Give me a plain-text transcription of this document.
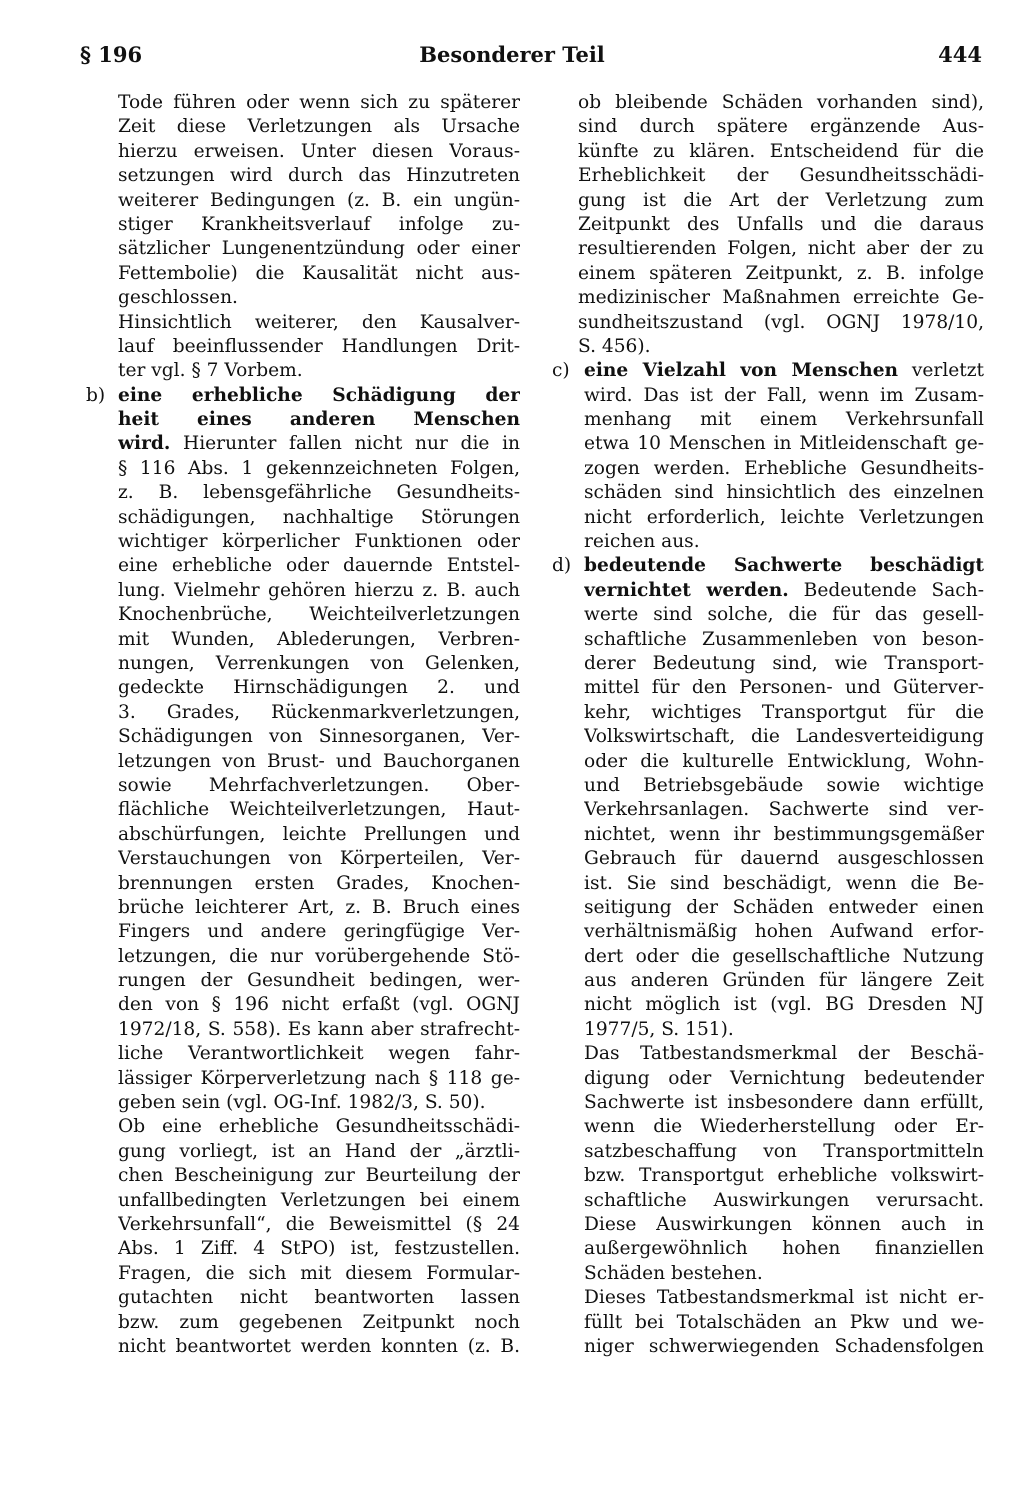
Besonderer Teil
§ 196	444
Tode führen oder wenn sich zu späterer
Zeit diese Verletzungen als Ursache
hierzu erweisen. Unter diesen Voraus-
setzungen wird durch das Hinzutreten
weiterer Bedingungen (z. B. ein ungün-
stiger Krankheitsverlauf infolge zu-
sätzlicher Lungenentzündung oder einer
Fettembolie) die Kausalität nicht aus-
geschlossen.
Hinsichtlich weiterer, den Kausalver-
lauf beeinflussender Handlungen Drit-
ter vgl. § 7 Vorbem.
b) eine erhebliche Schädigung der
heit eines anderen Menschen
wird. Hierunter fallen nicht nur die in
§ 116 Abs. 1 gekennzeichneten Folgen,
z. B. lebensgefährliche Gesundheits-
schädigungen, nachhaltige Störungen
wichtiger körperlicher Funktionen oder
eine erhebliche oder dauernde Entstel-
lung. Vielmehr gehören hierzu z. B. auch
Knochenbrüche, Weichteilverletzungen
mit Wunden, Ablederungen, Verbren-
nungen, Verrenkungen von Gelenken,
gedeckte Hirnschädigungen 2. und
3. Grades, Rückenmarkverletzungen,
Schädigungen von Sinnesorganen, Ver-
letzungen von Brust- und Bauchorganen
sowie Mehrfachverletzungen. Ober-
flächliche Weichteilverletzungen, Haut-
abschürfungen, leichte Prellungen und
Verstauchungen von Körperteilen, Ver-
brennungen ersten Grades, Knochen-
brüche leichterer Art, z. B. Bruch eines
Fingers und andere geringfügige Ver-
letzungen, die nur vorübergehende Stö-
rungen der Gesundheit bedingen, wer-
den von § 196 nicht erfaßt (vgl. OGNJ
1972/18, S. 558). Es kann aber strafrecht-
liche Verantwortlichkeit wegen fahr-
lässiger Körperverletzung nach § 118 ge-
geben sein (vgl. OG-Inf. 1982/3, S. 50).
Ob eine erhebliche Gesundheitsschädi-
gung vorliegt, ist an Hand der „ärztli-
chen Bescheinigung zur Beurteilung der
unfallbedingten Verletzungen bei einem
Verkehrsunfall“, die Beweismittel (§ 24
Abs. 1 Ziff. 4 StPO) ist, festzustellen.
Fragen, die sich mit diesem Formular-
gutachten nicht beantworten lassen
bzw. zum gegebenen Zeitpunkt noch
nicht beantwortet werden konnten (z. B.
ob bleibende Schäden vorhanden sind),
sind durch spätere ergänzende Aus-
künfte zu klären. Entscheidend für die
Erheblichkeit der Gesundheitsschädi-
gung ist die Art der Verletzung zum
Zeitpunkt des Unfalls und die daraus
resultierenden Folgen, nicht aber der zu
einem späteren Zeitpunkt, z. B. infolge
medizinischer Maßnahmen erreichte Ge-
sundheitszustand (vgl. OGNJ 1978/10,
S. 456).
c) eine Vielzahl von Menschen verletzt
wird. Das ist der Fall, wenn im Zusam-
menhang mit einem Verkehrsunfall
etwa 10 Menschen in Mitleidenschaft ge-
zogen werden. Erhebliche Gesundheits-
schäden sind hinsichtlich des einzelnen
nicht erforderlich, leichte Verletzungen
reichen aus.
d) bedeutende Sachwerte beschädigt
vernichtet werden. Bedeutende Sach-
werte sind solche, die für das gesell-
schaftliche Zusammenleben von beson-
derer Bedeutung sind, wie Transport-
mittel für den Personen- und Güterver-
kehr, wichtiges Transportgut für die
Volkswirtschaft, die Landesverteidigung
oder die kulturelle Entwicklung, Wohn-
und Betriebsgebäude sowie wichtige
Verkehrsanlagen. Sachwerte sind ver-
nichtet, wenn ihr bestimmungsgemäßer
Gebrauch für dauernd ausgeschlossen
ist. Sie sind beschädigt, wenn die Be-
seitigung der Schäden entweder einen
verhältnismäßig hohen Aufwand erfor-
dert oder die gesellschaftliche Nutzung
aus anderen Gründen für längere Zeit
nicht möglich ist (vgl. BG Dresden NJ
1977/5, S. 151).
Das Tatbestandsmerkmal der Beschä-
digung oder Vernichtung bedeutender
Sachwerte ist insbesondere dann erfüllt,
wenn die Wiederherstellung oder Er-
satzbeschaffung von Transportmitteln
bzw. Transportgut erhebliche volkswirt-
schaftliche Auswirkungen verursacht.
Diese Auswirkungen können auch in
außergewöhnlich hohen finanziellen
Schäden bestehen.
Dieses Tatbestandsmerkmal ist nicht er-
füllt bei Totalschäden an Pkw und we-
niger schwerwiegenden Schadensfolgen
